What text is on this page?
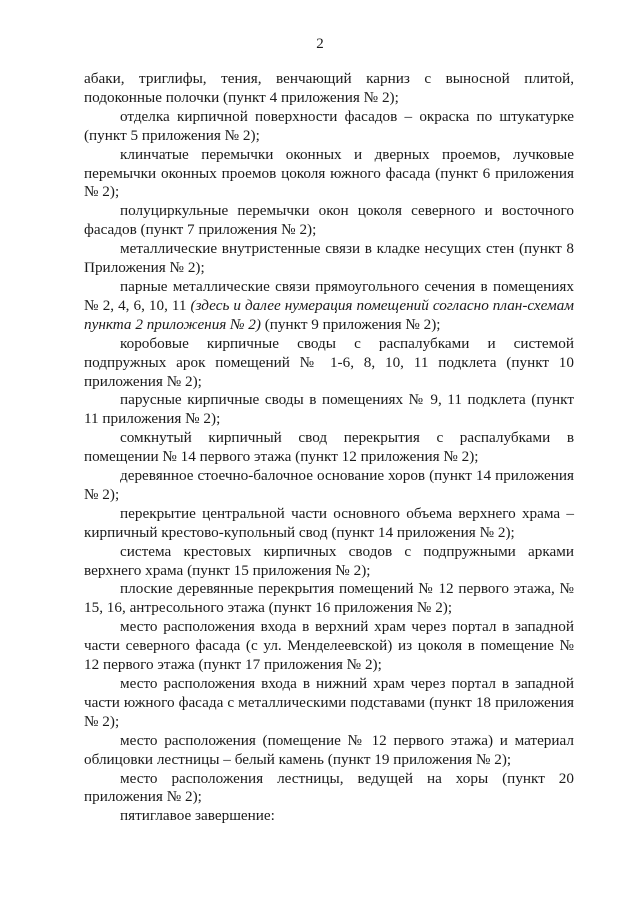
2

абаки, триглифы, тения, венчающий карниз с выносной плитой, подоконные полочки (пункт 4 приложения № 2);

отделка кирпичной поверхности фасадов – окраска по штукатурке (пункт 5 приложения № 2);

клинчатые перемычки оконных и дверных проемов, лучковые перемычки оконных проемов цоколя южного фасада (пункт 6 приложения № 2);

полуциркульные перемычки окон цоколя северного и восточного фасадов (пункт 7 приложения № 2);

металлические внутристенные связи в кладке несущих стен (пункт 8 Приложения № 2);

парные металлические связи прямоугольного сечения в помещениях № 2, 4, 6, 10, 11 (здесь и далее нумерация помещений согласно план-схемам пункта 2 приложения № 2) (пункт 9 приложения № 2);

коробовые кирпичные своды с распалубками и системой подпружных арок помещений № 1-6, 8, 10, 11 подклета (пункт 10 приложения № 2);

парусные кирпичные своды в помещениях № 9, 11 подклета (пункт 11 приложения № 2);

сомкнутый кирпичный свод перекрытия с распалубками в помещении № 14 первого этажа (пункт 12 приложения № 2);

деревянное стоечно-балочное основание хоров (пункт 14 приложения № 2);

перекрытие центральной части основного объема верхнего храма – кирпичный крестово-купольный свод (пункт 14 приложения № 2);

система крестовых кирпичных сводов с подпружными арками верхнего храма (пункт 15 приложения № 2);

плоские деревянные перекрытия помещений № 12 первого этажа, № 15, 16, антресольного этажа (пункт 16 приложения № 2);

место расположения входа в верхний храм через портал в западной части северного фасада (с ул. Менделеевской) из цоколя в помещение № 12 первого этажа (пункт 17 приложения № 2);

место расположения входа в нижний храм через портал в западной части южного фасада с металлическими подставами (пункт 18 приложения № 2);

место расположения (помещение № 12 первого этажа) и материал облицовки лестницы – белый камень (пункт 19 приложения № 2);

место расположения лестницы, ведущей на хоры (пункт 20 приложения № 2);

пятиглавое завершение:
